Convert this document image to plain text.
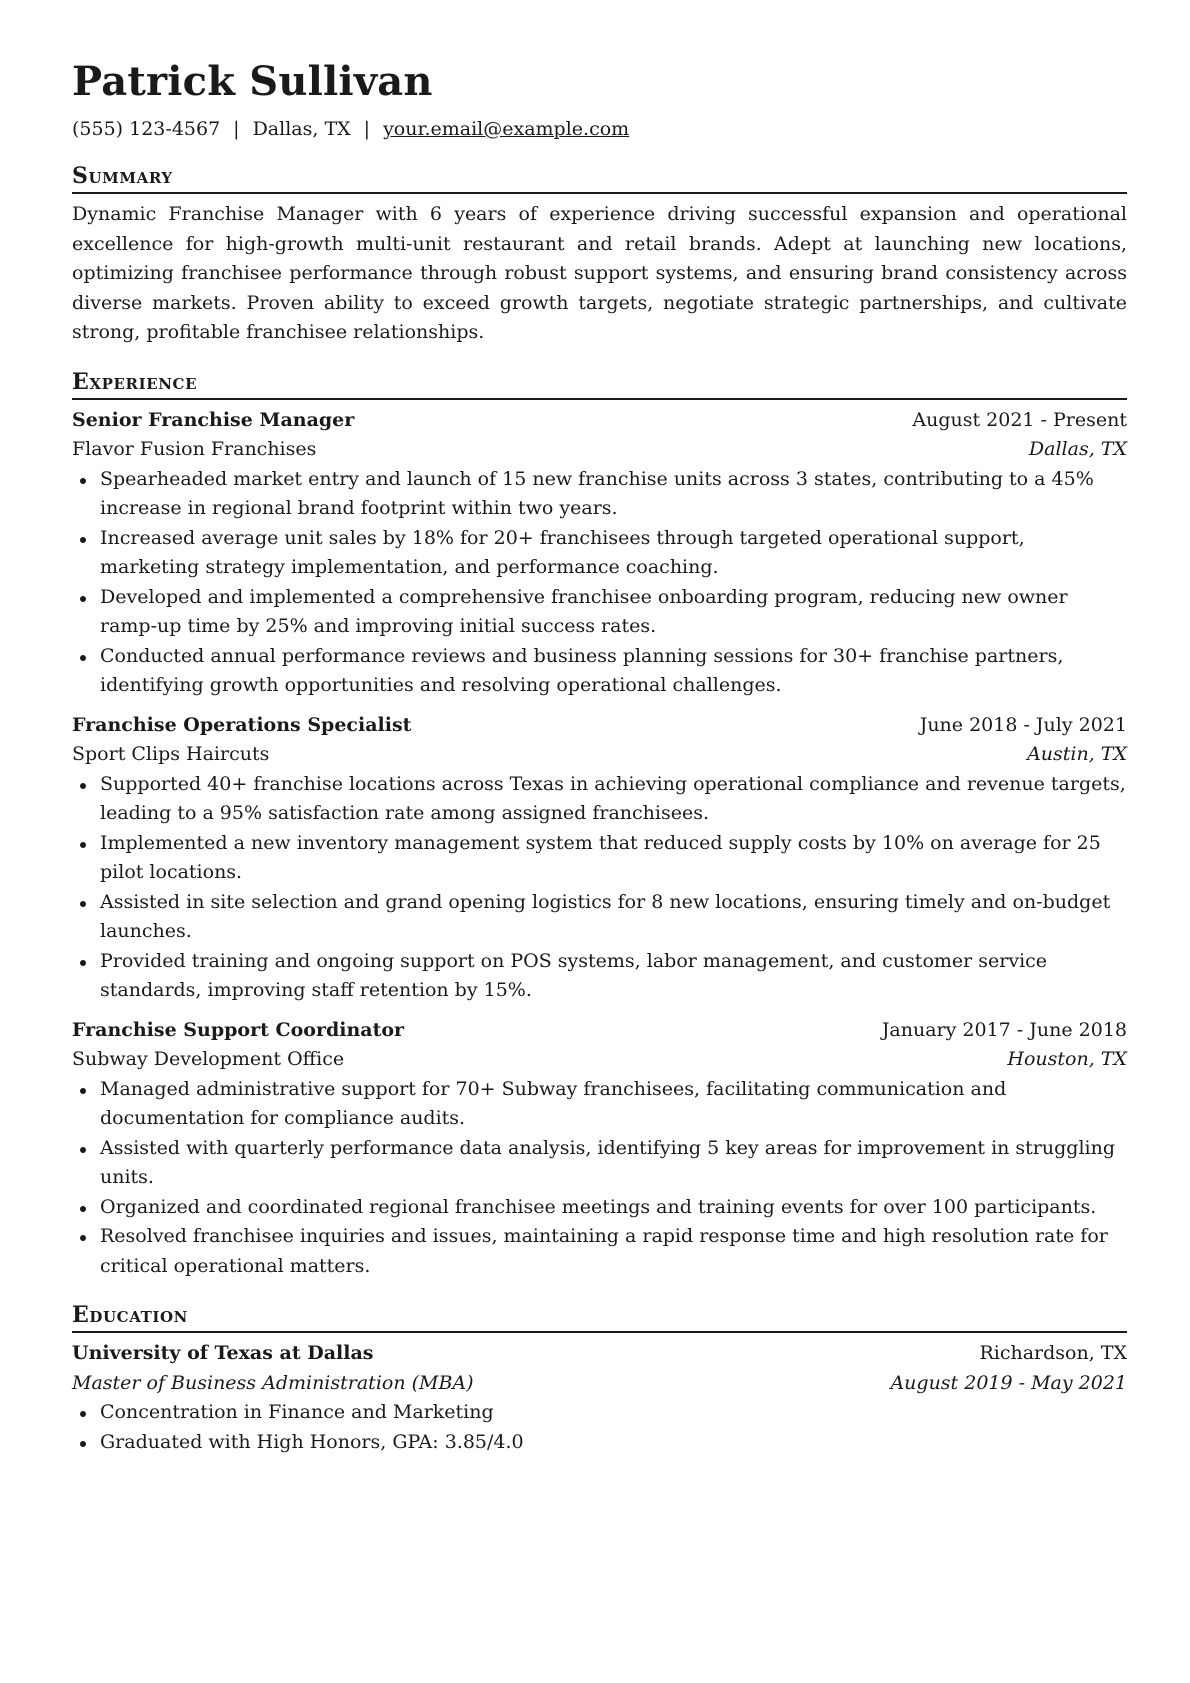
Patrick Sullivan
(555) 123-4567 | Dallas, TX | your.email@example.com
Summary

Dynamic Franchise Manager with 6 years of experience driving successful expansion and operational excellence for high-growth multi-unit restaurant and retail brands. Adept at launching new locations, optimizing franchisee performance through robust support systems, and ensuring brand consistency across diverse markets. Proven ability to exceed growth targets, negotiate strategic partnerships, and cultivate strong, profitable franchisee relationships.

Experience
Senior Franchise Manager	August 2021 - Present
Flavor Fusion Franchises	Dallas, TX
Spearheaded market entry and launch of 15 new franchise units across 3 states, contributing to a 45% increase in regional brand footprint within two years.
Increased average unit sales by 18% for 20+ franchisees through targeted operational support, marketing strategy implementation, and performance coaching.
Developed and implemented a comprehensive franchisee onboarding program, reducing new owner ramp-up time by 25% and improving initial success rates.
Conducted annual performance reviews and business planning sessions for 30+ franchise partners, identifying growth opportunities and resolving operational challenges.
Franchise Operations Specialist	June 2018 - July 2021
Sport Clips Haircuts	Austin, TX
Supported 40+ franchise locations across Texas in achieving operational compliance and revenue targets, leading to a 95% satisfaction rate among assigned franchisees.
Implemented a new inventory management system that reduced supply costs by 10% on average for 25 pilot locations.
Assisted in site selection and grand opening logistics for 8 new locations, ensuring timely and on-budget launches.
Provided training and ongoing support on POS systems, labor management, and customer service standards, improving staff retention by 15%.
Franchise Support Coordinator	January 2017 - June 2018
Subway Development Office	Houston, TX
Managed administrative support for 70+ Subway franchisees, facilitating communication and documentation for compliance audits.
Assisted with quarterly performance data analysis, identifying 5 key areas for improvement in struggling units.
Organized and coordinated regional franchisee meetings and training events for over 100 participants.
Resolved franchisee inquiries and issues, maintaining a rapid response time and high resolution rate for critical operational matters.
Education
University of Texas at Dallas	Richardson, TX
Master of Business Administration (MBA)	August 2019 - May 2021
Concentration in Finance and Marketing
Graduated with High Honors, GPA: 3.85/4.0
